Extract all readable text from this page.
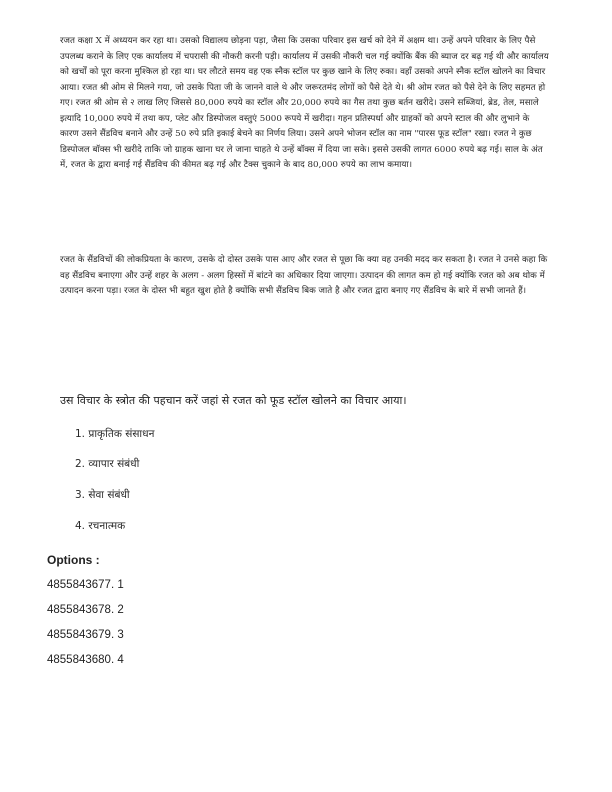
रजत कक्षा X में अध्ययन कर रहा था। उसको विद्यालय छोड़ना पड़ा, जैसा कि उसका परिवार इस खर्च को देने में अक्षम था। उन्हें अपने परिवार के लिए पैसे उपलब्ध कराने के लिए एक कार्यालय में चपरासी की नौकरी करनी पड़ी। कार्यालय में उसकी नौकरी चल गई क्योंकि बैंक की ब्याज दर बढ़ गई थी और कार्यालय को खर्चों को पूरा करना मुश्किल हो रहा था। घर लौटते समय वह एक स्नैक स्टॉल पर कुछ खाने के लिए रुका। वहाँ उसको अपने स्नैक स्टॉल खोलने का विचार आया। रजत श्री ओम से मिलने गया, जो उसके पिता जी के जानने वाले थे और जरूरतमंद लोगों को पैसे देते थे। श्री ओम रजत को पैसे देने के लिए सहमत हो गए। रजत श्री ओम से २ लाख लिए जिससे 80,000 रुपये का स्टॉल और 20,000 रुपये का गैस तथा कुछ बर्तन खरीदे। उसने सब्जियां, ब्रेड, तेल, मसाले इत्यादि 10,000 रुपये में तथा कप, प्लेट और डिस्पोजल वस्तुएं 5000 रूपये में खरीदा। गहन प्रतिस्पर्धा और ग्राहकों को अपने स्टाल की और लुभाने के कारण उसने सैंडविच बनाने और उन्हें 50 रुपे प्रति इकाई बेचने का निर्णय लिया। उसने अपने भोजन स्टॉल का नाम "पारस फूड स्टॉल" रखा। रजत ने कुछ डिस्पोजल बॉक्स भी खरीदे ताकि जो ग्राहक खाना घर ले जाना चाहते थे उन्हें बॉक्स में दिया जा सके। इससे उसकी लागत 6000 रुपये बढ़ गई। साल के अंत में, रजत के द्वारा बनाई गई सैंडविच की कीमत बढ़ गई और टैक्स चुकाने के बाद 80,000 रुपये का लाभ कमाया।

रजत के सैंडविचों की लोकप्रियता के कारण, उसके दो दोस्त उसके पास आए और रजत से पूछा कि क्या वह उनकी मदद कर सकता है। रजत ने उनसे कहा कि वह सैंडविच बनाएगा और उन्हें शहर के अलग - अलग हिस्सों में बांटने का अधिकार दिया जाएगा। उत्पादन की लागत कम हो गई क्योंकि रजत को अब थोक में उत्पादन करना पड़ा। रजत के दोस्त भी बहुत खुश होते है क्योंकि सभी सैंडविच बिक जाते है और रजत द्वारा बनाए गए सैंडविच के बारे में सभी जानते हैं।

उस विचार के स्त्रोत की पहचान करें जहां से रजत को फूड स्टॉल खोलने का विचार आया।

1. प्राकृतिक संसाधन
2. व्यापार संबंधी
3. सेवा संबंधी
4. रचनात्मक
Options :
4855843677. 1
4855843678. 2
4855843679. 3
4855843680. 4
